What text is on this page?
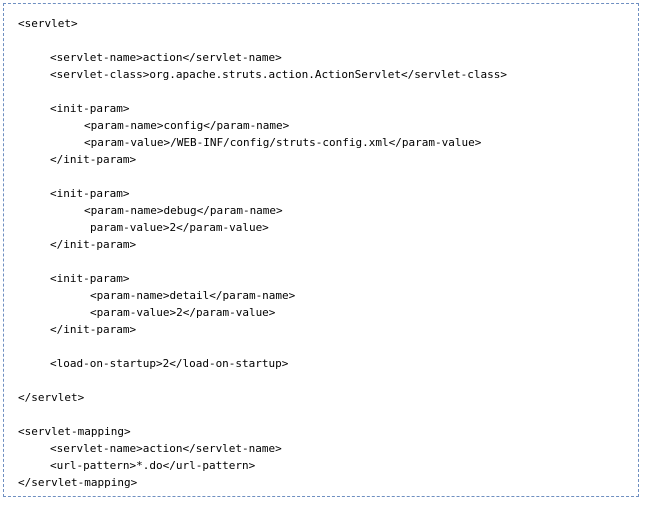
<servlet>
<servlet-name>action</servlet-name>
<servlet-class>org.apache.struts.action.ActionServlet</servlet-class>
<init-param>
<param-name>config</param-name>
<param-value>/WEB-INF/config/struts-config.xml</param-value>
</init-param>
<init-param>
<param-name>debug</param-name>
param-value>2</param-value>
</init-param>
<init-param>
<param-name>detail</param-name>
<param-value>2</param-value>
</init-param>
<load-on-startup>2</load-on-startup>
</servlet>
<servlet-mapping>
<servlet-name>action</servlet-name>
<url-pattern>*.do</url-pattern>
</servlet-mapping>
